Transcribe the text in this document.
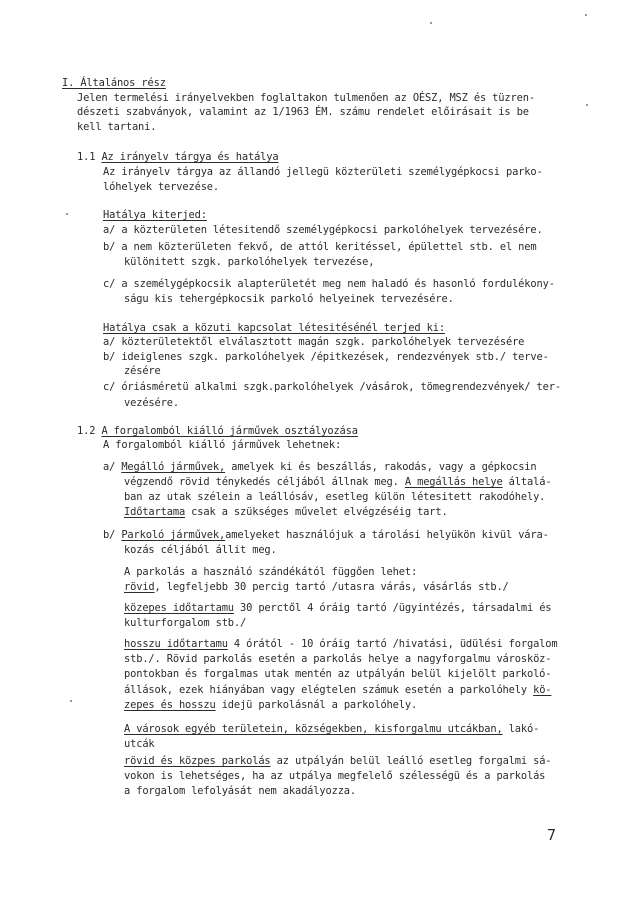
I. Általános rész
Jelen termelési irányelvekben foglaltakon tulmenően az OÉSZ, MSZ és tüzren-
dészeti szabványok, valamint az 1/1963 ÉM. számu rendelet előirásait is be
kell tartani.
1.1 Az irányelv tárgya és hatálya
Az irányelv tárgya az állandó jellegü közterületi személygépkocsi parko-
lóhelyek tervezése.
Hatálya kiterjed:
a/ a közterületen létesitendő személygépkocsi parkolóhelyek tervezésére.
b/ a nem közterületen fekvő, de attól keritéssel, épülettel stb. el nem
különitett szgk. parkolóhelyek tervezése,
c/ a személygépkocsik alapterületét meg nem haladó és hasonló fordulékony-
ságu kis tehergépkocsik parkoló helyeinek tervezésére.
Hatálya csak a közuti kapcsolat létesitésénél terjed ki:
a/ közterületektől elválasztott magán szgk. parkolóhelyek tervezésére
b/ ideiglenes szgk. parkolóhelyek /épitkezések, rendezvények stb./ terve-
zésére
c/ óriásméretü alkalmi szgk.parkolóhelyek /vásárok, tömegrendezvények/ ter-
vezésére.
1.2 A forgalomból kiálló járművek osztályozása
A forgalomból kiálló járművek lehetnek:
a/ Megálló járművek, amelyek ki és beszállás, rakodás, vagy a gépkocsin
végzendő rövid ténykedés céljából állnak meg. A megállás helye általá-
ban az utak szélein a leállósáv, esetleg külön létesitett rakodóhely.
Időtartama csak a szükséges művelet elvégzéséig tart.
b/ Parkoló járművek,amelyeket használójuk a tárolási helyükön kivül vára-
kozás céljából állit meg.
A parkolás a használó szándékától függően lehet:
rövid, legfeljebb 30 percig tartó /utasra várás, vásárlás stb./
közepes időtartamu 30 perctől 4 óráig tartó /ügyintézés, társadalmi és
kulturforgalom stb./
hosszu időtartamu 4 órától - 10 óráig tartó /hivatási, üdülési forgalom
stb./. Rövid parkolás esetén a parkolás helye a nagyforgalmu városköz-
pontokban és forgalmas utak mentén az utpályán belül kijelölt parkoló-
állások, ezek hiányában vagy elégtelen számuk esetén a parkolóhely kö-
zepes és hosszu idejü parkolásnál a parkolóhely.
A városok egyéb területein, községekben, kisforgalmu utcákban, lakó-
utcák
rövid és közpes parkolás az utpályán belül leálló esetleg forgalmi sá-
vokon is lehetséges, ha az utpálya megfelelő szélességü és a parkolás
a forgalom lefolyását nem akadályozza.
7
